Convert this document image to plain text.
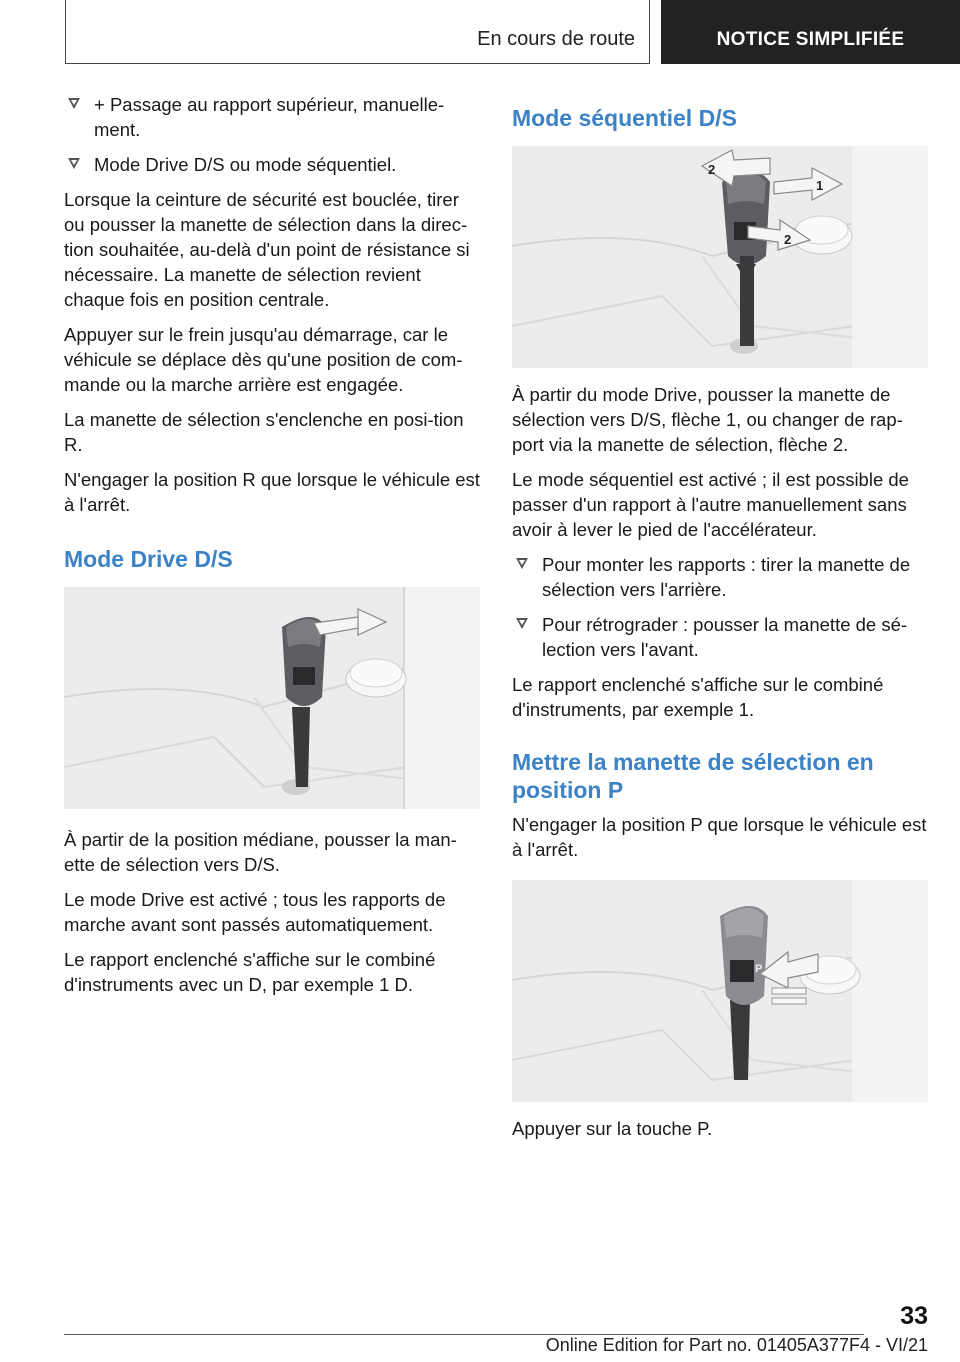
En cours de route	NOTICE SIMPLIFIÉE
+ Passage au rapport supérieur, manuelle-ment.
Mode Drive D/S ou mode séquentiel.

Lorsque la ceinture de sécurité est bouclée, tirer ou pousser la manette de sélection dans la direc-tion souhaitée, au-delà d'un point de résistance si nécessaire. La manette de sélection revient chaque fois en position centrale.

Appuyer sur le frein jusqu'au démarrage, car le véhicule se déplace dès qu'une position de com-mande ou la marche arrière est engagée.

La manette de sélection s'enclenche en posi-tion R.

N'engager la position R que lorsque le véhicule est à l'arrêt.

Mode Drive D/S

À partir de la position médiane, pousser la man-ette de sélection vers D/S.

Le mode Drive est activé ; tous les rapports de marche avant sont passés automatiquement.

Le rapport enclenché s'affiche sur le combiné d'instruments avec un D, par exemple 1 D.

Mode séquentiel D/S
2
1
2

À partir du mode Drive, pousser la manette de sélection vers D/S, flèche 1, ou changer de rap-port via la manette de sélection, flèche 2.

Le mode séquentiel est activé ; il est possible de passer d'un rapport à l'autre manuellement sans avoir à lever le pied de l'accélérateur.

Pour monter les rapports : tirer la manette de sélection vers l'arrière.
Pour rétrograder : pousser la manette de sé-lection vers l'avant.

Le rapport enclenché s'affiche sur le combiné d'instruments, par exemple 1.

Mettre la manette de sélection en position P

N'engager la position P que lorsque le véhicule est à l'arrêt.

P

Appuyer sur la touche P.

33
Online Edition for Part no. 01405A377F4 - VI/21
